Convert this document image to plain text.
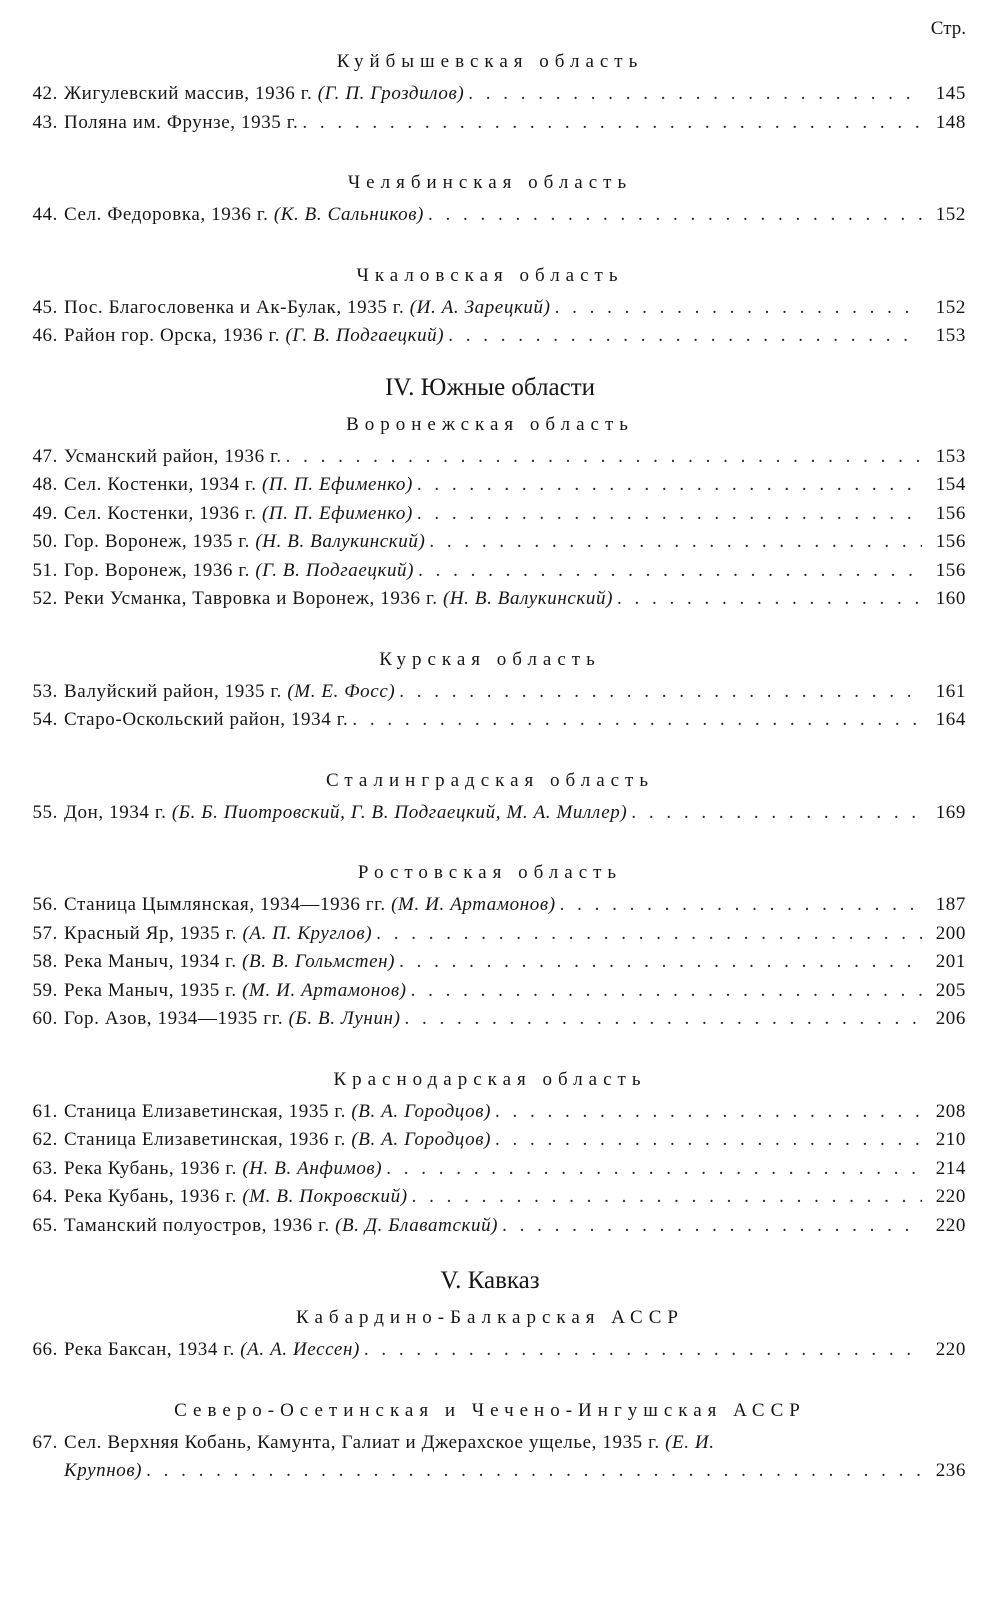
Стр.
Куйбышевская область
42. Жигулевский массив, 1936 г. (Г. П. Гроздилов) . . .	145
43. Поляна им. Фрунзе, 1935 г. . . .	148
Челябинская область
44. Сел. Федоровка, 1936 г. (К. В. Сальников) . . .	152
Чкаловская область
45. Пос. Благословенка и Ак-Булак, 1935 г. (И. А. Зарецкий) . . .	152
46. Район гор. Орска, 1936 г. (Г. В. Подгаецкий) . . .	153
IV. Южные области
Воронежская область
47. Усманский район, 1936 г. . . .	153
48. Сел. Костенки, 1934 г. (П. П. Ефименко) . . .	154
49. Сел. Костенки, 1936 г. (П. П. Ефименко) . . .	156
50. Гор. Воронеж, 1935 г. (Н. В. Валукинский) . . .	156
51. Гор. Воронеж, 1936 г. (Г. В. Подгаецкий) . . .	156
52. Реки Усманка, Тавровка и Воронеж, 1936 г. (Н. В. Валукинский) . . .	160
Курская область
53. Валуйский район, 1935 г. (М. Е. Фосс) . . .	161
54. Старо-Оскольский район, 1934 г. . . .	164
Сталинградская область
55. Дон, 1934 г. (Б. Б. Пиотровский, Г. В. Подгаецкий, М. А. Миллер) . . .	169
Ростовская область
56. Станица Цымлянская, 1934—1936 гг. (М. И. Артамонов) . . .	187
57. Красный Яр, 1935 г. (А. П. Круглов) . . .	200
58. Река Маныч, 1934 г. (В. В. Гольмстен) . . .	201
59. Река Маныч, 1935 г. (М. И. Артамонов) . . .	205
60. Гор. Азов, 1934—1935 гг. (Б. В. Лунин) . . .	206
Краснодарская область
61. Станица Елизаветинская, 1935 г. (В. А. Городцов) . . .	208
62. Станица Елизаветинская, 1936 г. (В. А. Городцов) . . .	210
63. Река Кубань, 1936 г. (Н. В. Анфимов) . . .	214
64. Река Кубань, 1936 г. (М. В. Покровский) . . .	220
65. Таманский полуостров, 1936 г. (В. Д. Блаватский) . . .	220
V. Кавказ
Кабардино-Балкарская АССР
66. Река Баксан, 1934 г. (А. А. Иессен) . . .	220
Северо-Осетинская и Чечено-Ингушская АССР
67. Сел. Верхняя Кобань, Камунта, Галиат и Джерахское ущелье, 1935 г. (Е. И.
Крупнов) . . .	236
